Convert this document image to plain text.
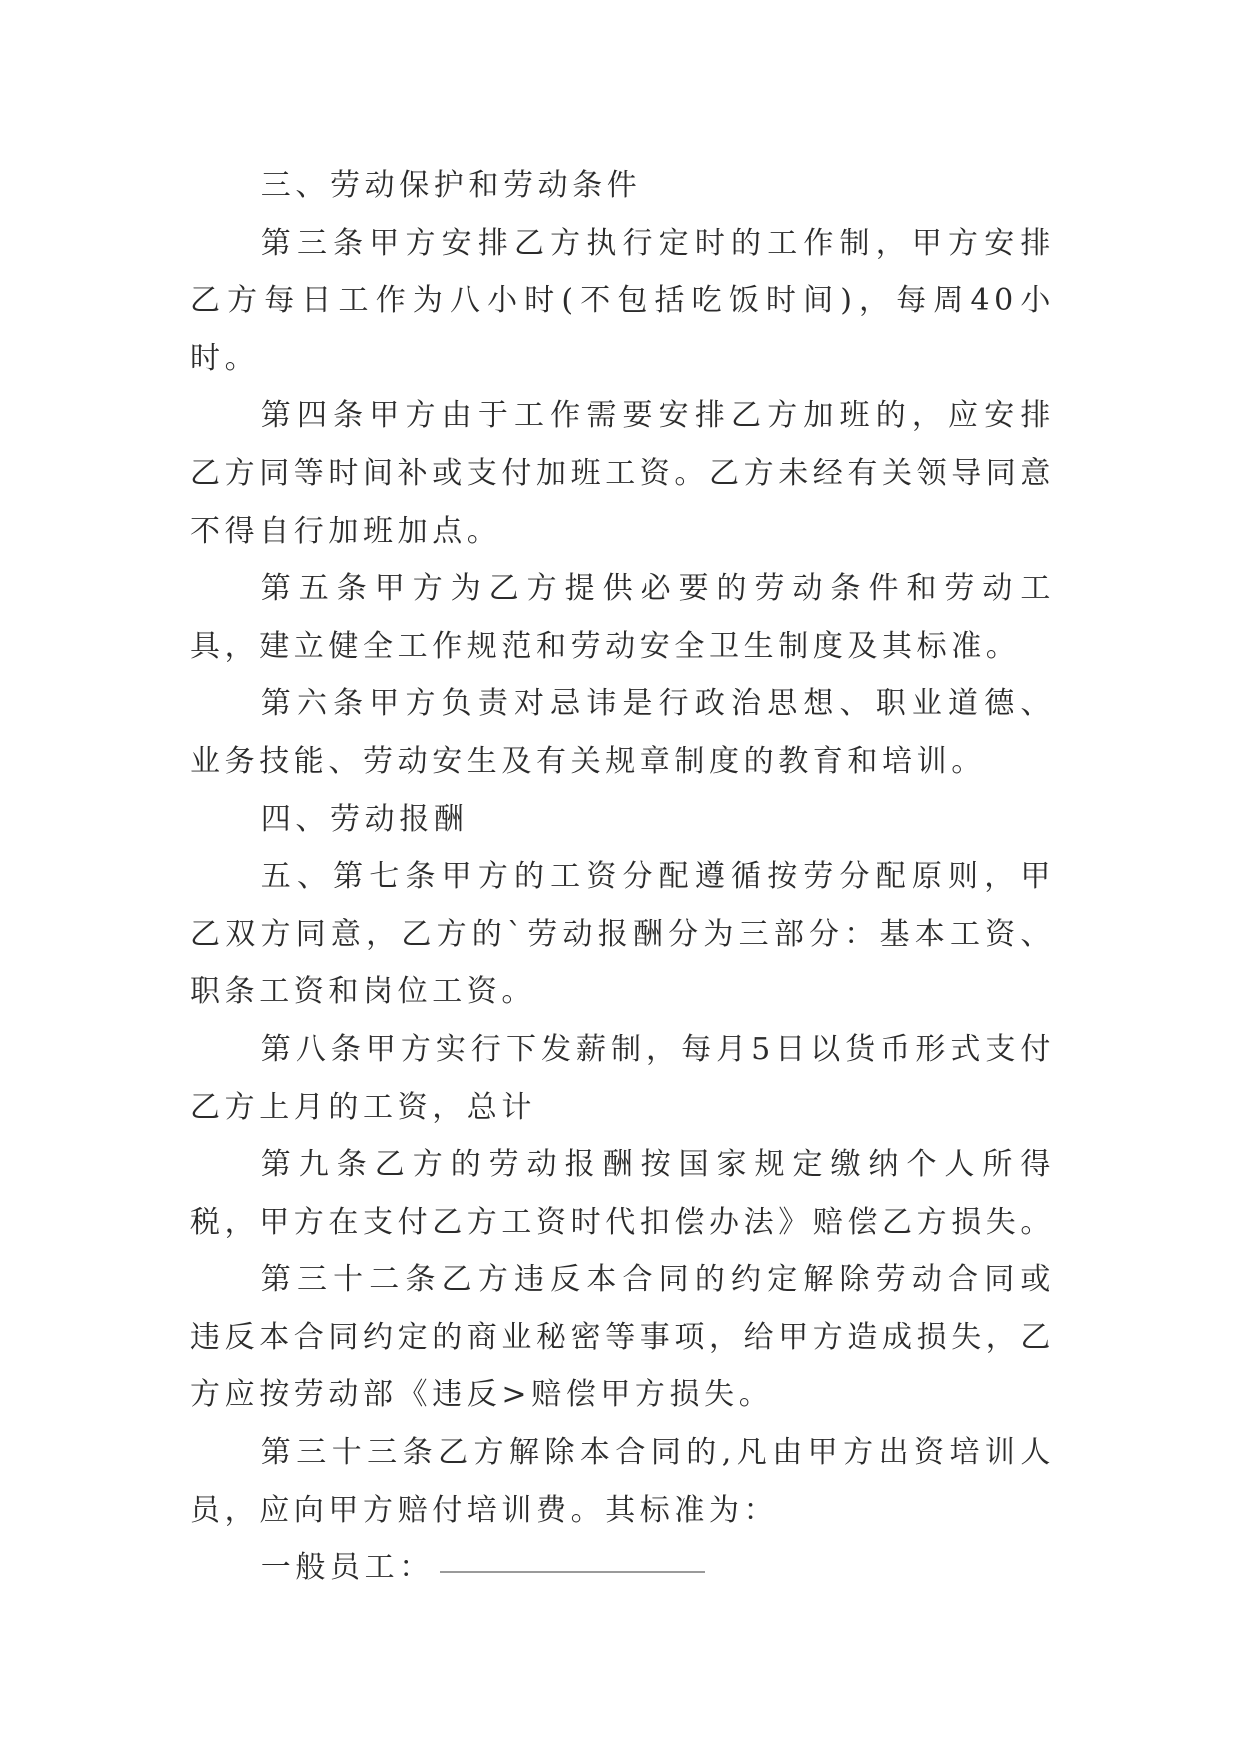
三、劳动保护和劳动条件

第三条甲方安排乙方执行定时的工作制，甲方安排乙方每日工作为八小时(不包括吃饭时间)，每周40小时。

第四条甲方由于工作需要安排乙方加班的，应安排乙方同等时间补或支付加班工资。乙方未经有关领导同意不得自行加班加点。

第五条甲方为乙方提供必要的劳动条件和劳动工具，建立健全工作规范和劳动安全卫生制度及其标准。

第六条甲方负责对忌讳是行政治思想、职业道德、业务技能、劳动安生及有关规章制度的教育和培训。

四、劳动报酬

五、第七条甲方的工资分配遵循按劳分配原则，甲乙双方同意，乙方的`劳动报酬分为三部分：基本工资、职条工资和岗位工资。

第八条甲方实行下发薪制，每月5日以货币形式支付乙方上月的工资，总计

第九条乙方的劳动报酬按国家规定缴纳个人所得税，甲方在支付乙方工资时代扣偿办法》赔偿乙方损失。

第三十二条乙方违反本合同的约定解除劳动合同或违反本合同约定的商业秘密等事项，给甲方造成损失，乙方应按劳动部《违反>赔偿甲方损失。

第三十三条乙方解除本合同的,凡由甲方出资培训人员，应向甲方赔付培训费。其标准为：

一般员工：
